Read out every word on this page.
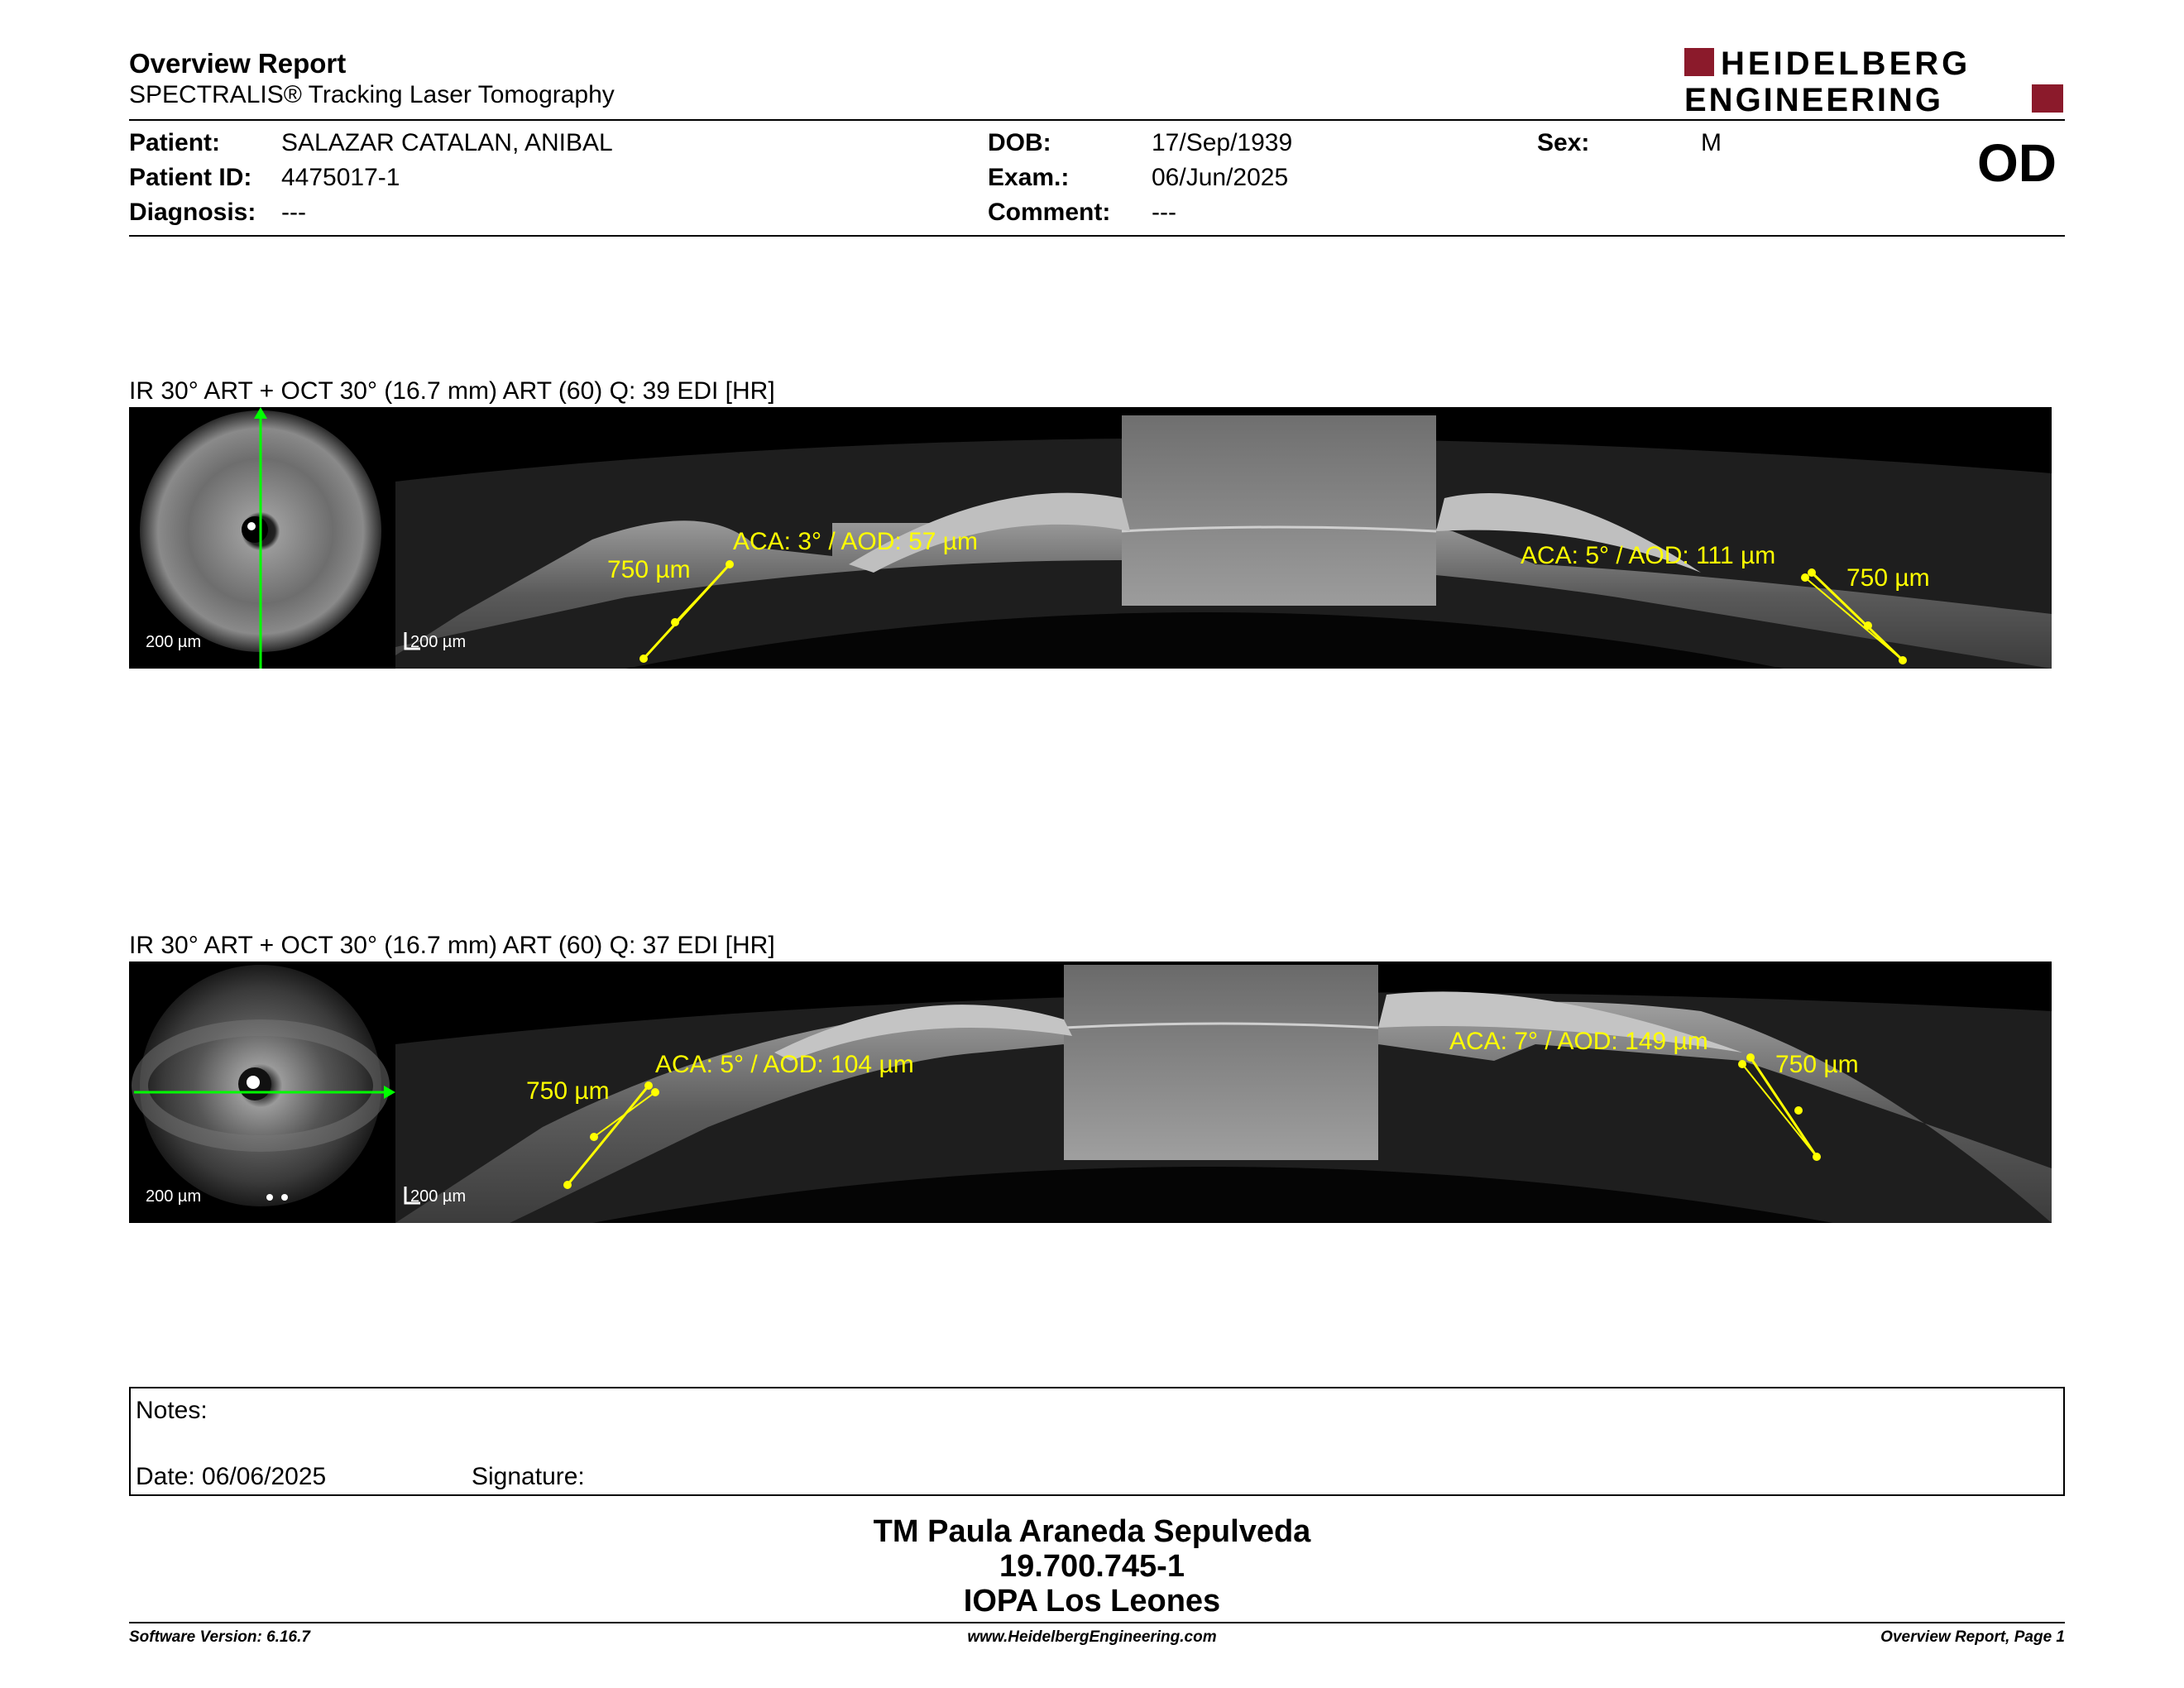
Overview Report
SPECTRALIS® Tracking Laser Tomography
HEIDELBERG
ENGINEERING
Patient: SALAZAR CATALAN, ANIBAL
Patient ID: 4475017-1
Diagnosis: ---
DOB:	17/Sep/1939
Exam.:	06/Jun/2025
Comment: ---
Sex:	M	OD
IR 30° ART + OCT 30° (16.7 mm) ART (60) Q: 39 EDI [HR]
200 µm	200 µm
750 µm
ACA: 3° / AOD: 57 µm
ACA: 5° / AOD: 111 µm
750 µm
IR 30° ART + OCT 30° (16.7 mm) ART (60) Q: 37 EDI [HR]
200 µm	200 µm
750 µm
ACA: 5° / AOD: 104 µm
ACA: 7° / AOD: 149 µm
750 µm
Notes:
Date: 06/06/2025	Signature:
TM Paula Araneda Sepulveda
19.700.745-1
IOPA Los Leones
Software Version: 6.16.7	www.HeidelbergEngineering.com	Overview Report, Page 1
